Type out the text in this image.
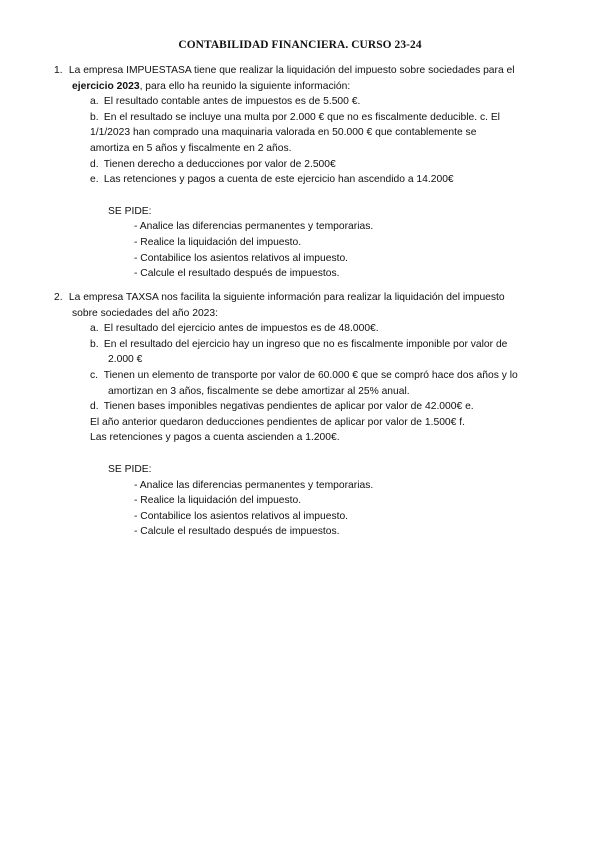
CONTABILIDAD FINANCIERA. CURSO 23-24

1. La empresa IMPUESTASA tiene que realizar la liquidación del impuesto sobre sociedades para el

ejercicio 2023, para ello ha reunido la siguiente información:

a. El resultado contable antes de impuestos es de 5.500 €.

b. En el resultado se incluye una multa por 2.000 € que no es fiscalmente deducible. c. El

1/1/2023 han comprado una maquinaria valorada en 50.000 € que contablemente se

amortiza en 5 años y fiscalmente en 2 años.

d. Tienen derecho a deducciones por valor de 2.500€

e. Las retenciones y pagos a cuenta de este ejercicio han ascendido a 14.200€

SE PIDE:

- Analice las diferencias permanentes y temporarias.

- Realice la liquidación del impuesto.

- Contabilice los asientos relativos al impuesto.

- Calcule el resultado después de impuestos.

2. La empresa TAXSA nos facilita la siguiente información para realizar la liquidación del impuesto

sobre sociedades del año 2023:

a. El resultado del ejercicio antes de impuestos es de 48.000€.

b. En el resultado del ejercicio hay un ingreso que no es fiscalmente imponible por valor de
2.000 €

c. Tienen un elemento de transporte por valor de 60.000 € que se compró hace dos años y lo
amortizan en 3 años, fiscalmente se debe amortizar al 25% anual.

d. Tienen bases imponibles negativas pendientes de aplicar por valor de 42.000€ e.

El año anterior quedaron deducciones pendientes de aplicar por valor de 1.500€ f.

Las retenciones y pagos a cuenta ascienden a 1.200€.

SE PIDE:

- Analice las diferencias permanentes y temporarias.

- Realice la liquidación del impuesto.

- Contabilice los asientos relativos al impuesto.

- Calcule el resultado después de impuestos.
